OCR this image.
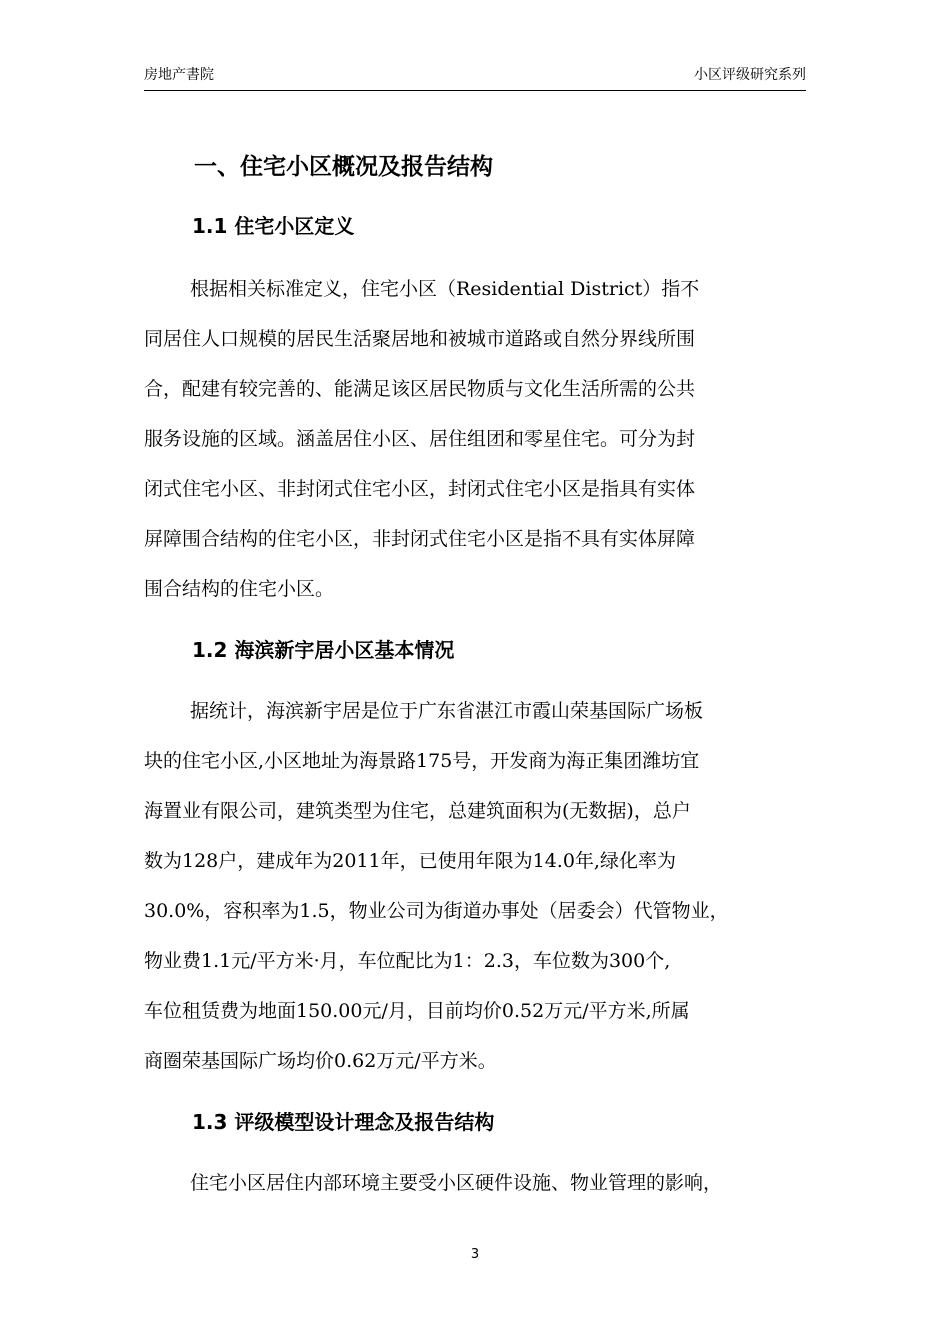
房地产書院	小区评级研究系列
一、住宅小区概况及报告结构
1.1 住宅小区定义
根据相关标准定义，住宅小区（Residential District）指不
同居住人口规模的居民生活聚居地和被城市道路或自然分界线所围
合，配建有较完善的、能满足该区居民物质与文化生活所需的公共
服务设施的区域。涵盖居住小区、居住组团和零星住宅。可分为封
闭式住宅小区、非封闭式住宅小区，封闭式住宅小区是指具有实体
屏障围合结构的住宅小区，非封闭式住宅小区是指不具有实体屏障
围合结构的住宅小区。
1.2 海滨新宇居小区基本情况
据统计，海滨新宇居是位于广东省湛江市霞山荣基国际广场板
块的住宅小区,小区地址为海景路175号，开发商为海正集团潍坊宜
海置业有限公司，建筑类型为住宅，总建筑面积为(无数据)，总户
数为128户，建成年为2011年，已使用年限为14.0年,绿化率为
30.0%，容积率为1.5，物业公司为街道办事处（居委会）代管物业，
物业费1.1元/平方米·月，车位配比为1：2.3，车位数为300个,
车位租赁费为地面150.00元/月，目前均价0.52万元/平方米,所属
商圈荣基国际广场均价0.62万元/平方米。
1.3 评级模型设计理念及报告结构
住宅小区居住内部环境主要受小区硬件设施、物业管理的影响，
3
